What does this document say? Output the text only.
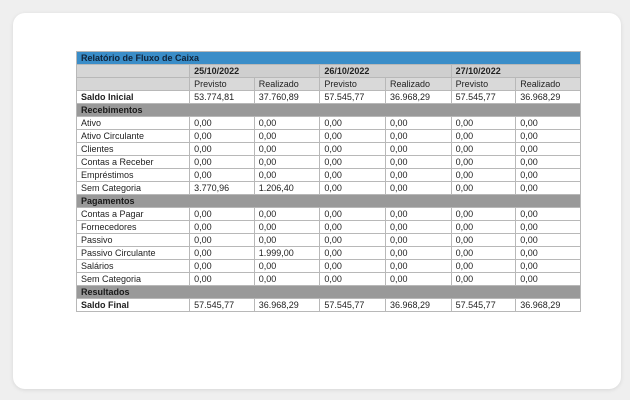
Relatório de Fluxo de Caixa						
	25/10/2022		26/10/2022		27/10/2022	
	Previsto	Realizado	Previsto	Realizado	Previsto	Realizado
Saldo Inicial	53.774,81	37.760,89	57.545,77	36.968,29	57.545,77	36.968,29
Recebimentos						
Ativo	0,00	0,00	0,00	0,00	0,00	0,00
Ativo Circulante	0,00	0,00	0,00	0,00	0,00	0,00
Clientes	0,00	0,00	0,00	0,00	0,00	0,00
Contas a Receber	0,00	0,00	0,00	0,00	0,00	0,00
Empréstimos	0,00	0,00	0,00	0,00	0,00	0,00
Sem Categoria	3.770,96	1.206,40	0,00	0,00	0,00	0,00
Pagamentos						
Contas a Pagar	0,00	0,00	0,00	0,00	0,00	0,00
Fornecedores	0,00	0,00	0,00	0,00	0,00	0,00
Passivo	0,00	0,00	0,00	0,00	0,00	0,00
Passivo Circulante	0,00	1.999,00	0,00	0,00	0,00	0,00
Salários	0,00	0,00	0,00	0,00	0,00	0,00
Sem Categoria	0,00	0,00	0,00	0,00	0,00	0,00
Resultados						
Saldo Final	57.545,77	36.968,29	57.545,77	36.968,29	57.545,77	36.968,29
